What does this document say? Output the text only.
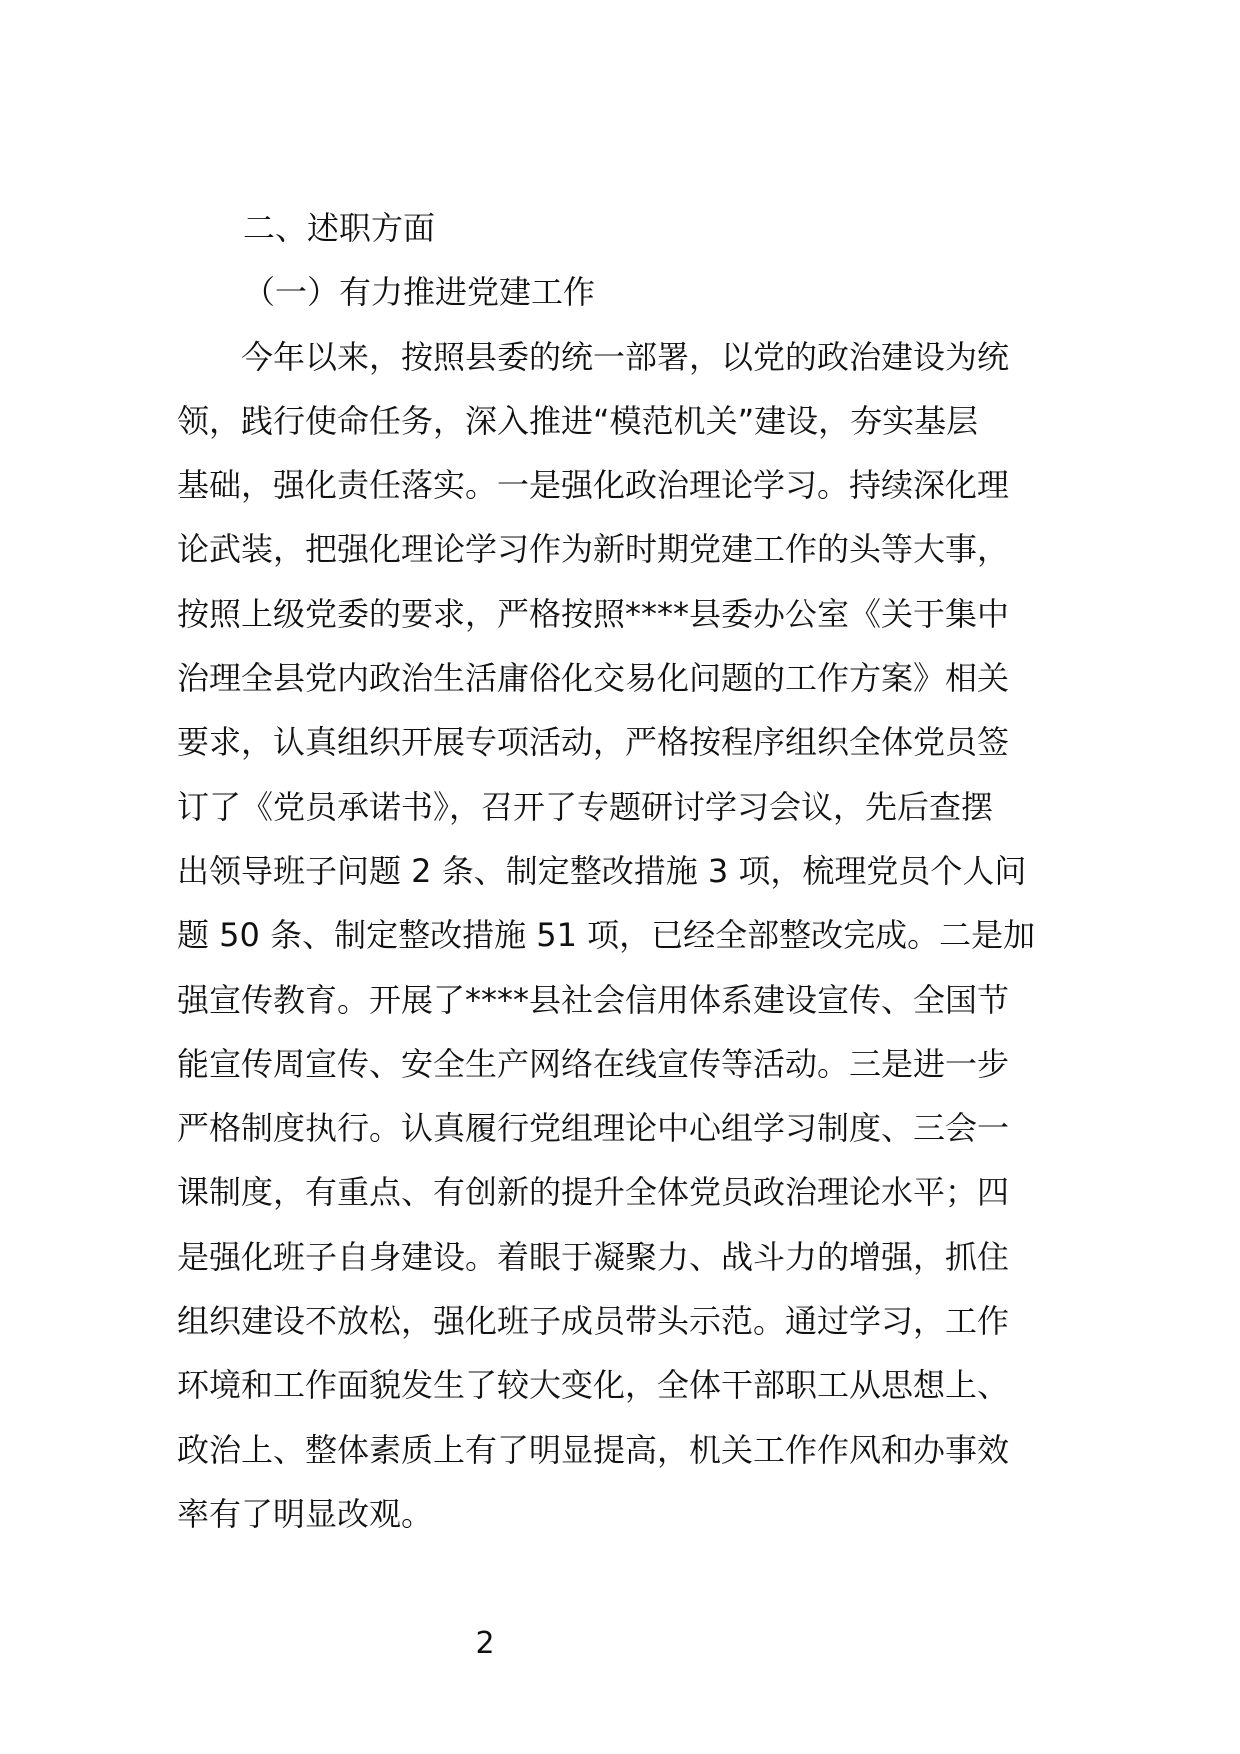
二、述职方面
（一）有力推进党建工作
今年以来，按照县委的统一部署，以党的政治建设为统
领，践行使命任务，深入推进“模范机关”建设，夯实基层
基础，强化责任落实。一是强化政治理论学习。持续深化理
论武装，把强化理论学习作为新时期党建工作的头等大事，
按照上级党委的要求，严格按照****县委办公室《关于集中
治理全县党内政治生活庸俗化交易化问题的工作方案》相关
要求，认真组织开展专项活动，严格按程序组织全体党员签
订了《党员承诺书》，召开了专题研讨学习会议，先后查摆
出领导班子问题 2 条、制定整改措施 3 项，梳理党员个人问
题 50 条、制定整改措施 51 项，已经全部整改完成。二是加
强宣传教育。开展了****县社会信用体系建设宣传、全国节
能宣传周宣传、安全生产网络在线宣传等活动。三是进一步
严格制度执行。认真履行党组理论中心组学习制度、三会一
课制度，有重点、有创新的提升全体党员政治理论水平；四
是强化班子自身建设。着眼于凝聚力、战斗力的增强，抓住
组织建设不放松，强化班子成员带头示范。通过学习，工作
环境和工作面貌发生了较大变化，全体干部职工从思想上、
政治上、整体素质上有了明显提高，机关工作作风和办事效
率有了明显改观。
2
